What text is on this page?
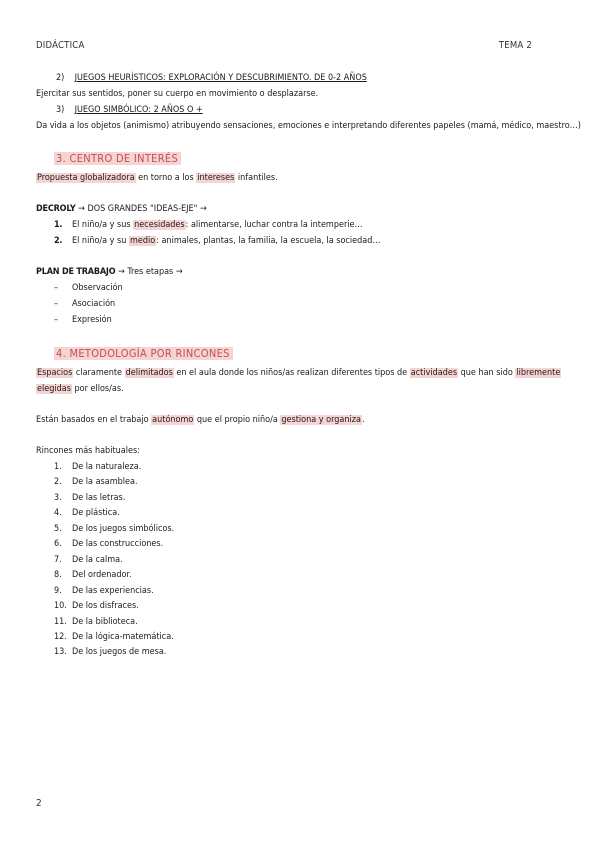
DIDÁCTICA	TEMA 2
2) JUEGOS HEURÍSTICOS: EXPLORACIÓN Y DESCUBRIMIENTO. DE 0-2 AÑOS
Ejercitar sus sentidos, poner su cuerpo en movimiento o desplazarse.
3) JUEGO SIMBÓLICO: 2 AÑOS O +
Da vida a los objetos (animismo) atribuyendo sensaciones, emociones e interpretando diferentes papeles (mamá, médico, maestro…)
3. CENTRO DE INTERÉS
Propuesta globalizadora en torno a los intereses infantiles.
DECROLY → DOS GRANDES "IDEAS-EJE" →
1. El niño/a y sus necesidades: alimentarse, luchar contra la intemperie…
2. El niño/a y su medio: animales, plantas, la familia, la escuela, la sociedad…
PLAN DE TRABAJO → Tres etapas →
– Observación
– Asociación
– Expresión
4. METODOLOGÍA POR RINCONES
Espacios claramente delimitados en el aula donde los niños/as realizan diferentes tipos de actividades que han sido libremente
elegidas por ellos/as.
Están basados en el trabajo autónomo que el propio niño/a gestiona y organiza.
Rincones más habituales:
1. De la naturaleza.
2. De la asamblea.
3. De las letras.
4. De plástica.
5. De los juegos simbólicos.
6. De las construcciones.
7. De la calma.
8. Del ordenador.
9. De las experiencias.
10. De los disfraces.
11. De la biblioteca.
12. De la lógica-matemática.
13. De los juegos de mesa.
2
